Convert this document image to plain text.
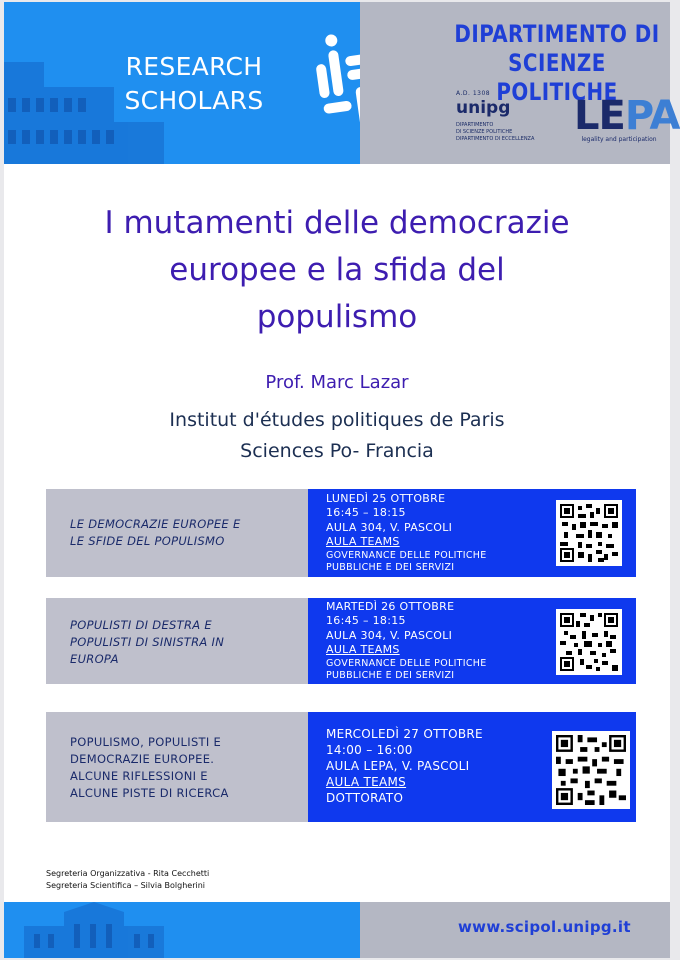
RESEARCH
SCHOLARS
DIPARTIMENTO DI
SCIENZE POLITICHE
A.D. 1308
unipg
DIPARTIMENTO
DI SCIENZE POLITICHE
DIPARTIMENTO DI ECCELLENZA LEPA
legality and participation
I mutamenti delle democrazie
europee e la sfida del
populismo
Prof. Marc Lazar
Institut d'études politiques de Paris
Sciences Po- Francia
LE DEMOCRAZIE EUROPEE E
LE SFIDE DEL POPULISMO
LUNEDÌ 25 OTTOBRE
16:45 – 18:15
AULA 304, V. PASCOLI
AULA TEAMS
GOVERNANCE DELLE POLITICHE
PUBBLICHE E DEI SERVIZI
POPULISTI DI DESTRA E
POPULISTI DI SINISTRA IN
EUROPA
MARTEDÌ 26 OTTOBRE
16:45 – 18:15
AULA 304, V. PASCOLI
AULA TEAMS
GOVERNANCE DELLE POLITICHE
PUBBLICHE E DEI SERVIZI
POPULISMO, POPULISTI E
DEMOCRAZIE EUROPEE.
ALCUNE RIFLESSIONI E
ALCUNE PISTE DI RICERCA
MERCOLEDÌ 27 OTTOBRE
14:00 – 16:00
AULA LEPA, V. PASCOLI
AULA TEAMS
DOTTORATO
Segreteria Organizzativa - Rita Cecchetti
Segreteria Scientifica – Silvia Bolgherini
www.scipol.unipg.it
